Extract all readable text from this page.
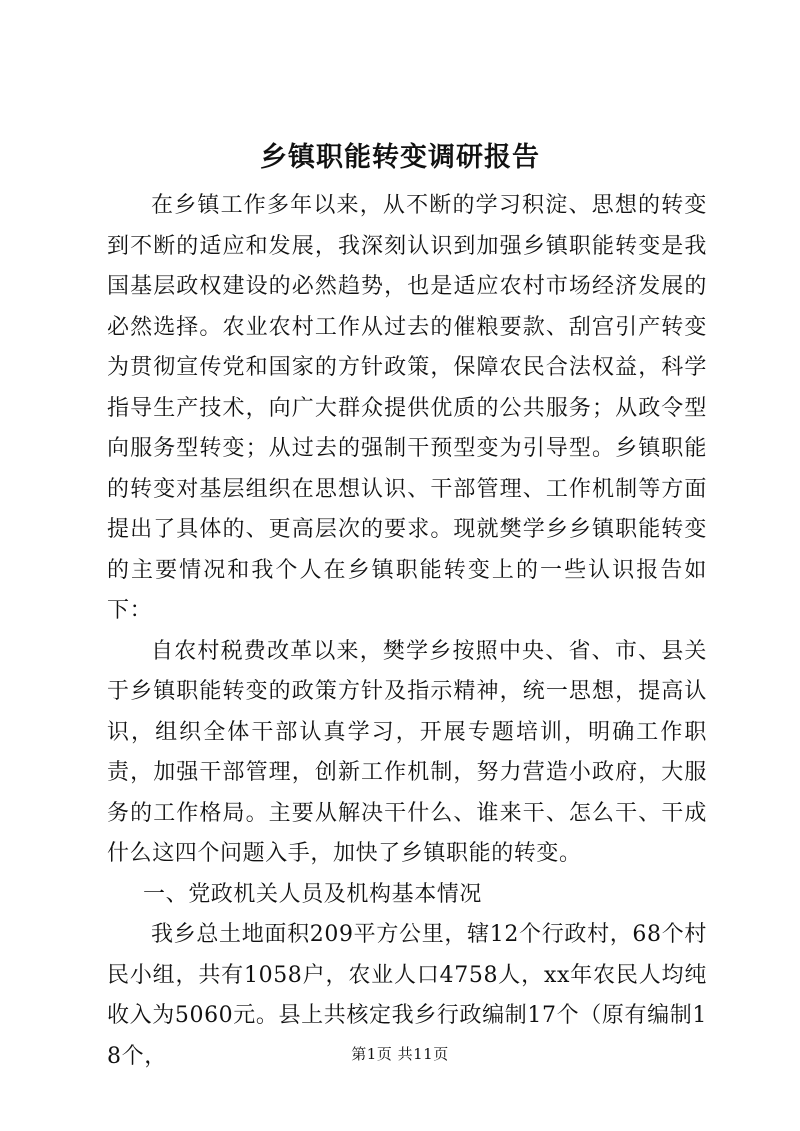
乡镇职能转变调研报告

在乡镇工作多年以来，从不断的学习积淀、思想的转变到不断的适应和发展，我深刻认识到加强乡镇职能转变是我国基层政权建设的必然趋势，也是适应农村市场经济发展的必然选择。农业农村工作从过去的催粮要款、刮宫引产转变为贯彻宣传党和国家的方针政策，保障农民合法权益，科学指导生产技术，向广大群众提供优质的公共服务；从政令型向服务型转变；从过去的强制干预型变为引导型。乡镇职能的转变对基层组织在思想认识、干部管理、工作机制等方面提出了具体的、更高层次的要求。现就樊学乡乡镇职能转变的主要情况和我个人在乡镇职能转变上的一些认识报告如下：

自农村税费改革以来，樊学乡按照中央、省、市、县关于乡镇职能转变的政策方针及指示精神，统一思想，提高认识，组织全体干部认真学习，开展专题培训，明确工作职责，加强干部管理，创新工作机制，努力营造小政府，大服务的工作格局。主要从解决干什么、谁来干、怎么干、干成什么这四个问题入手，加快了乡镇职能的转变。

一、党政机关人员及机构基本情况

我乡总土地面积209平方公里，辖12个行政村，68个村民小组，共有1058户，农业人口4758人，xx年农民人均纯收入为5060元。县上共核定我乡行政编制17个（原有编制18个，	第1页 共11页
